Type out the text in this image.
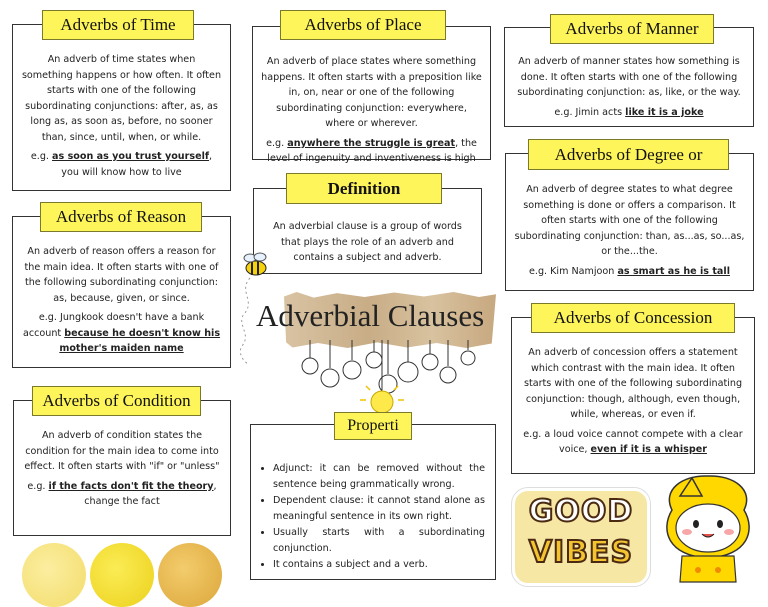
An adverb of time states when something happens or how often. It often starts with one of the following subordinating conjunctions: after, as, as long as, as soon as, before, no sooner than, since, until, when, or while.
e.g. as soon as you trust yourself, you will know how to live
Adverbs of Time
An adverb of place states where something happens. It often starts with a preposition like in, on, near or one of the following subordinating conjunction: everywhere, where or wherever.
e.g. anywhere the struggle is great, the level of ingenuity and inventiveness is high
Adverbs of Place
An adverb of manner states how something is done. It often starts with one of the following subordinating conjunction: as, like, or the way.
e.g. Jimin acts like it is a joke
Adverbs of Manner
An adverbial clause is a group of words that plays the role of an adverb and contains a subject and adverb.
Definition	An adverb of degree states to what degree something is done or offers a comparison. It often starts with one of the following subordinating conjunction: than, as...as, so...as, or the...the.
e.g. Kim Namjoon as smart as he is tall
Adverbs of Degree or
An adverb of reason offers a reason for the main idea. It often starts with one of the following subordinating conjunction: as, because, given, or since.
e.g. Jungkook doesn't have a bank account because he doesn't know his mother's maiden name
Adverbs of Reason
Adverbial Clauses
An adverb of concession offers a statement which contrast with the main idea. It often starts with one of the following subordinating conjunction: though, although, even though, while, whereas, or even if.
e.g. a loud voice cannot compete with a clear voice, even if it is a whisper
Adverbs of Concession
An adverb of condition states the condition for the main idea to come into effect. It often starts with "if" or "unless"
e.g. if the facts don't fit the theory, change the fact
Adverbs of Condition
• Adjunct: it can be removed without the sentence being grammatically wrong.
• Dependent clause: it cannot stand alone as meaningful sentence in its own right.
• Usually starts with a subordinating conjunction.
• It contains a subject and a verb.
Properti
GOOD
VIBES
